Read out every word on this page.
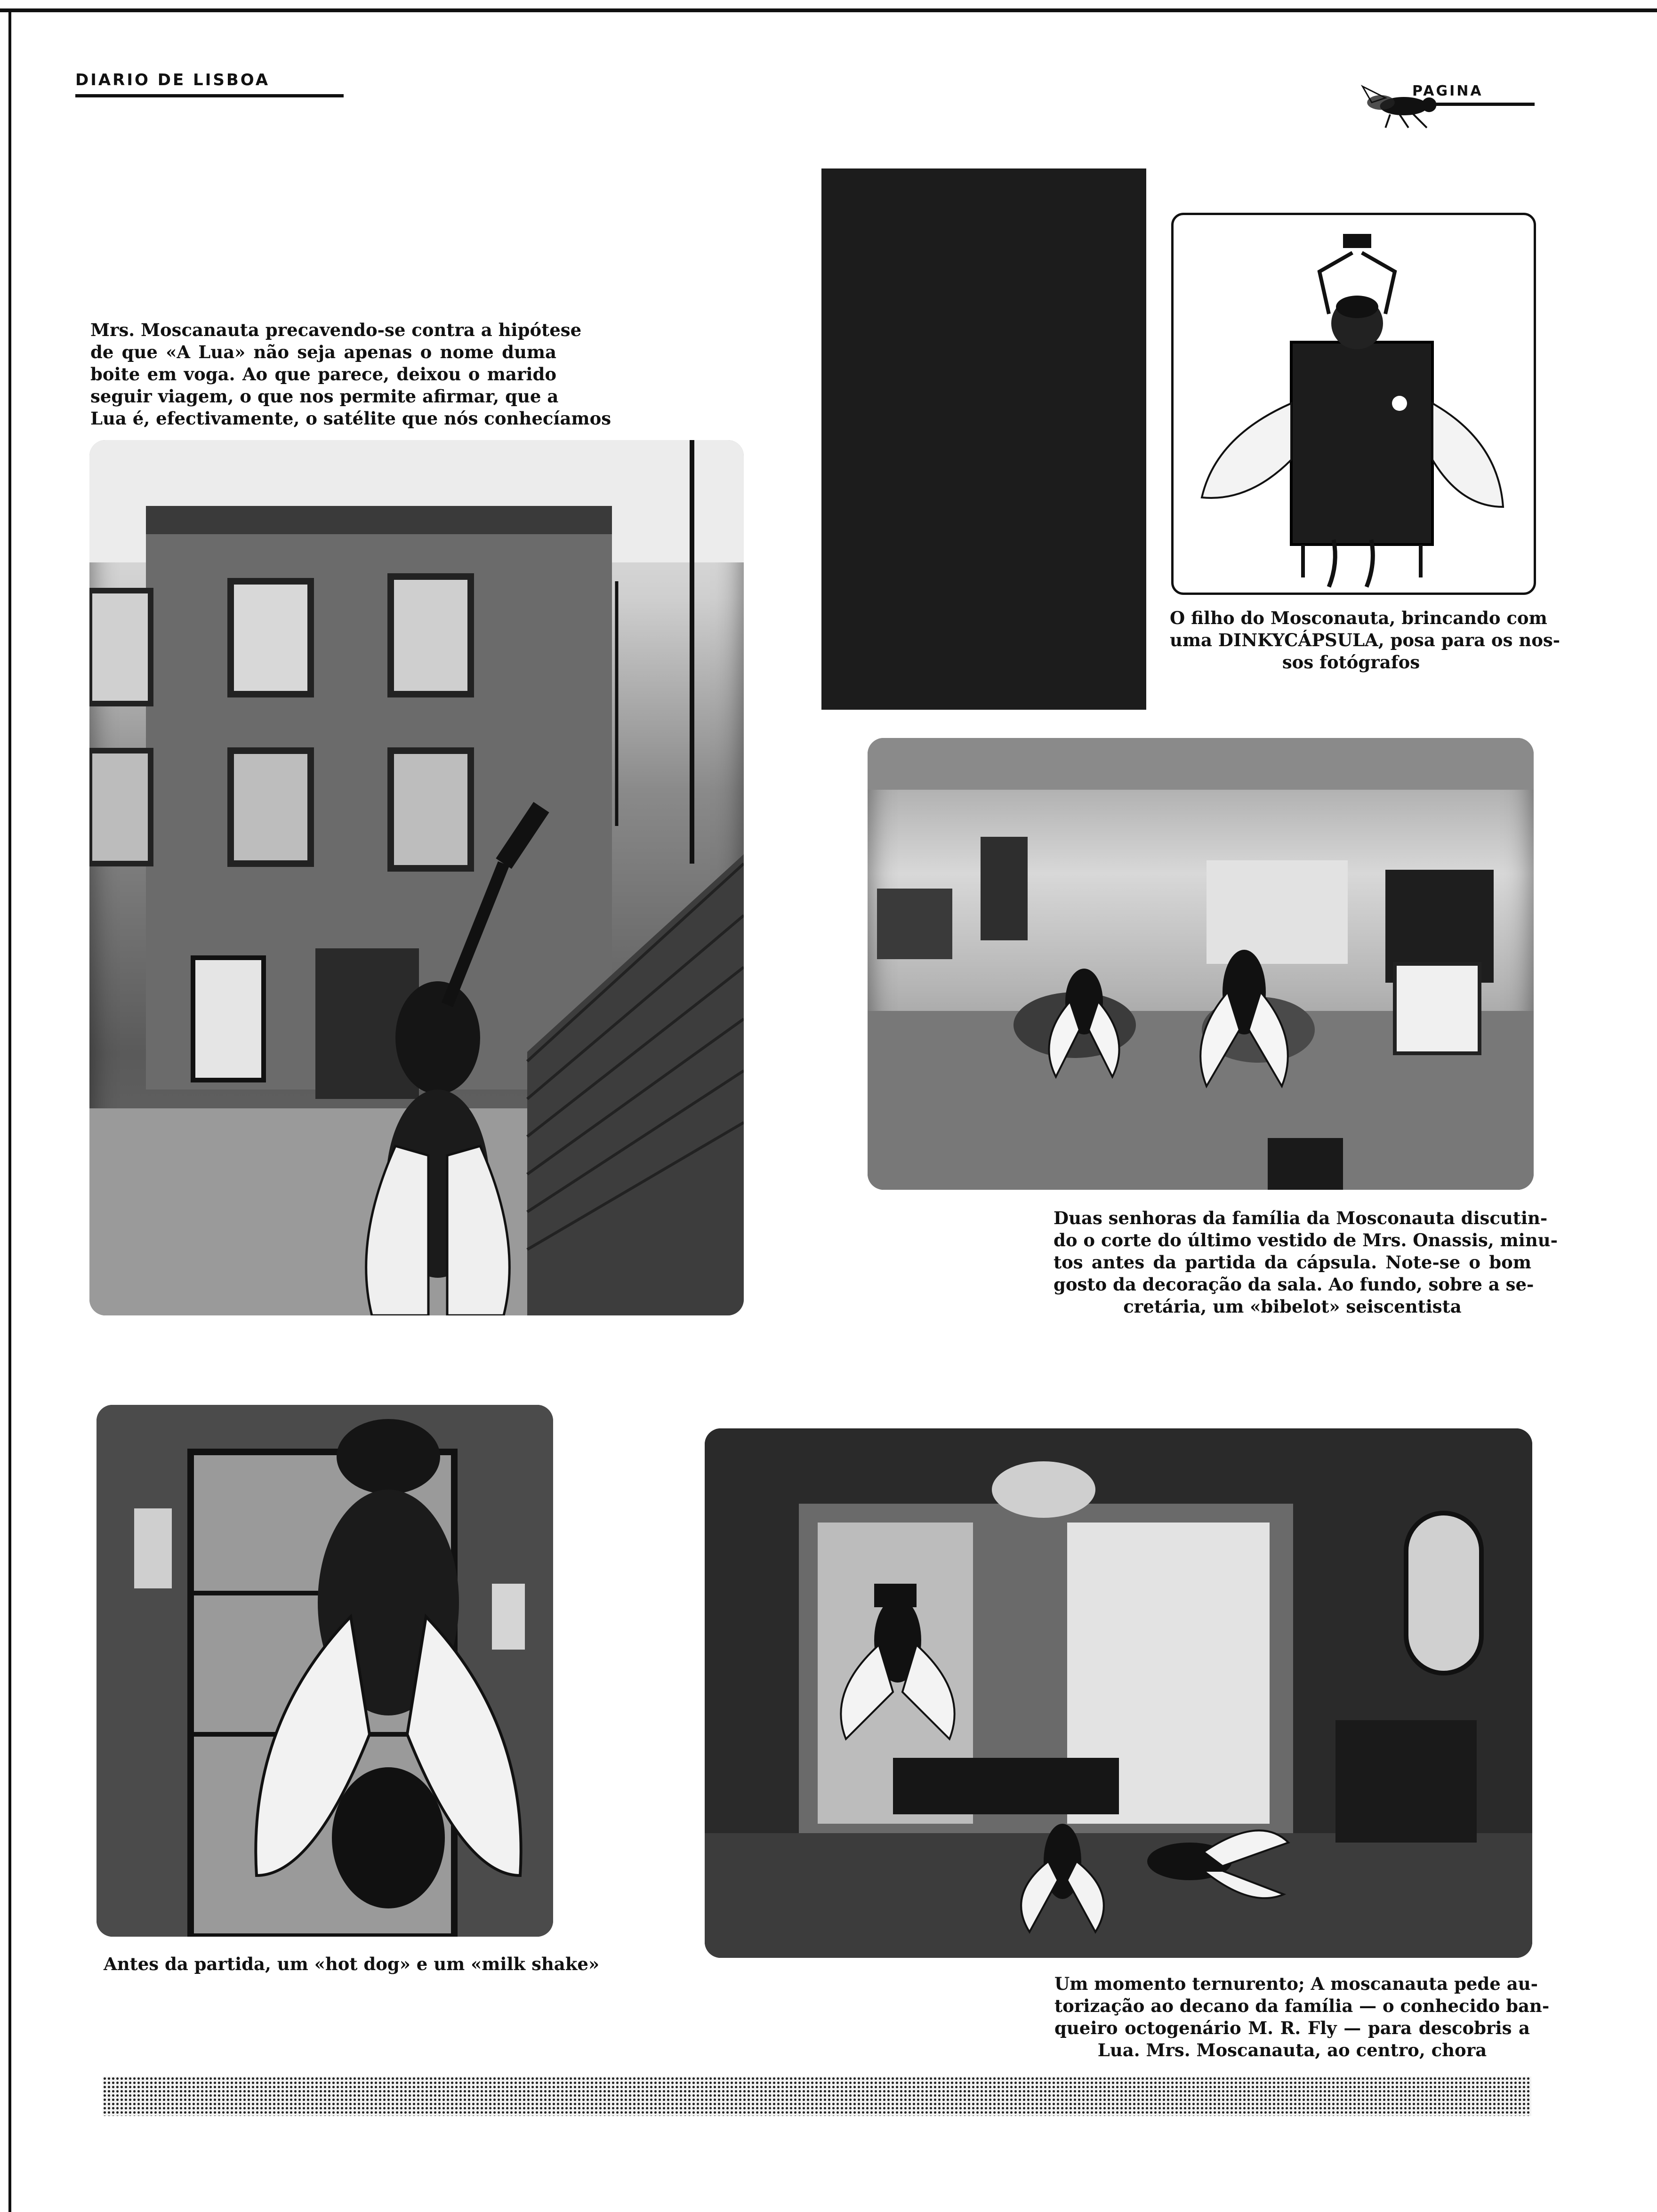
DIARIO DE LISBOA
PAGINA
Mrs. Moscanauta precavendo-se contra a hipótese
de que «A Lua» não seja apenas o nome duma
boite em voga. Ao que parece, deixou o marido
seguir viagem, o que nos permite afirmar, que a
Lua é, efectivamente, o satélite que nós conhecíamos
O filho do Mosconauta, brincando com
uma DINKYCÁPSULA, posa para os nos-
sos fotógrafos
Duas senhoras da família da Mosconauta discutin-
do o corte do último vestido de Mrs. Onassis, minu-
tos antes da partida da cápsula. Note-se o bom
gosto da decoração da sala. Ao fundo, sobre a se-
cretária, um «bibelot» seiscentista
Antes da partida, um «hot dog» e um «milk shake»
Um momento ternurento; A moscanauta pede au-
torização ao decano da família — o conhecido ban-
queiro octogenário M. R. Fly — para descobris a
Lua. Mrs. Moscanauta, ao centro, chora
